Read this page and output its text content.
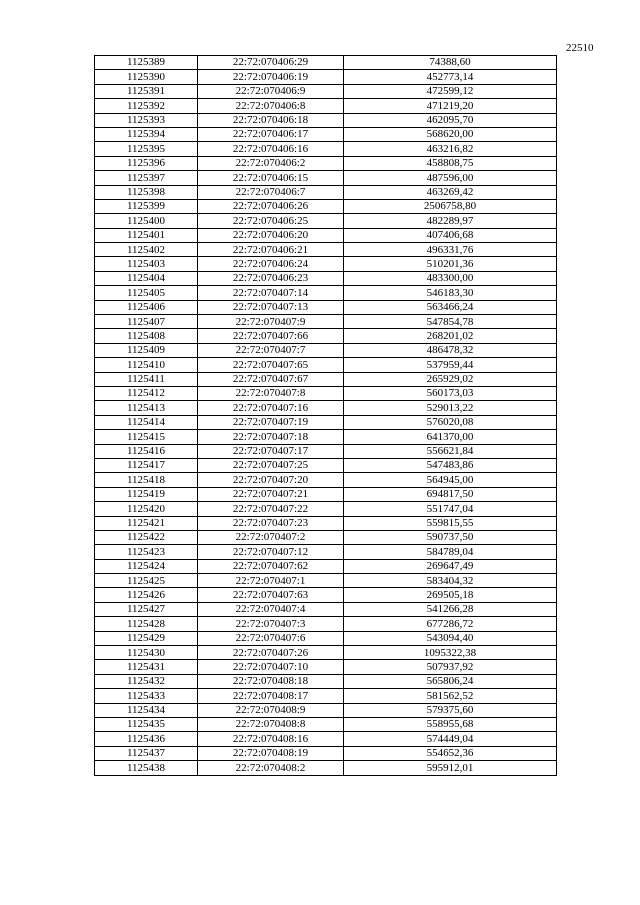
22510
1125389	22:72:070406:29	74388,60
1125390	22:72:070406:19	452773,14
1125391	22:72:070406:9	472599,12
1125392	22:72:070406:8	471219,20
1125393	22:72:070406:18	462095,70
1125394	22:72:070406:17	568620,00
1125395	22:72:070406:16	463216,82
1125396	22:72:070406:2	458808,75
1125397	22:72:070406:15	487596,00
1125398	22:72:070406:7	463269,42
1125399	22:72:070406:26	2506758,80
1125400	22:72:070406:25	482289,97
1125401	22:72:070406:20	407406,68
1125402	22:72:070406:21	496331,76
1125403	22:72:070406:24	510201,36
1125404	22:72:070406:23	483300,00
1125405	22:72:070407:14	546183,30
1125406	22:72:070407:13	563466,24
1125407	22:72:070407:9	547854,78
1125408	22:72:070407:66	268201,02
1125409	22:72:070407:7	486478,32
1125410	22:72:070407:65	537959,44
1125411	22:72:070407:67	265929,02
1125412	22:72:070407:8	560173,03
1125413	22:72:070407:16	529013,22
1125414	22:72:070407:19	576020,08
1125415	22:72:070407:18	641370,00
1125416	22:72:070407:17	556621,84
1125417	22:72:070407:25	547483,86
1125418	22:72:070407:20	564945,00
1125419	22:72:070407:21	694817,50
1125420	22:72:070407:22	551747,04
1125421	22:72:070407:23	559815,55
1125422	22:72:070407:2	590737,50
1125423	22:72:070407:12	584789,04
1125424	22:72:070407:62	269647,49
1125425	22:72:070407:1	583404,32
1125426	22:72:070407:63	269505,18
1125427	22:72:070407:4	541266,28
1125428	22:72:070407:3	677286,72
1125429	22:72:070407:6	543094,40
1125430	22:72:070407:26	1095322,38
1125431	22:72:070407:10	507937,92
1125432	22:72:070408:18	565806,24
1125433	22:72:070408:17	581562,52
1125434	22:72:070408:9	579375,60
1125435	22:72:070408:8	558955,68
1125436	22:72:070408:16	574449,04
1125437	22:72:070408:19	554652,36
1125438	22:72:070408:2	595912,01
